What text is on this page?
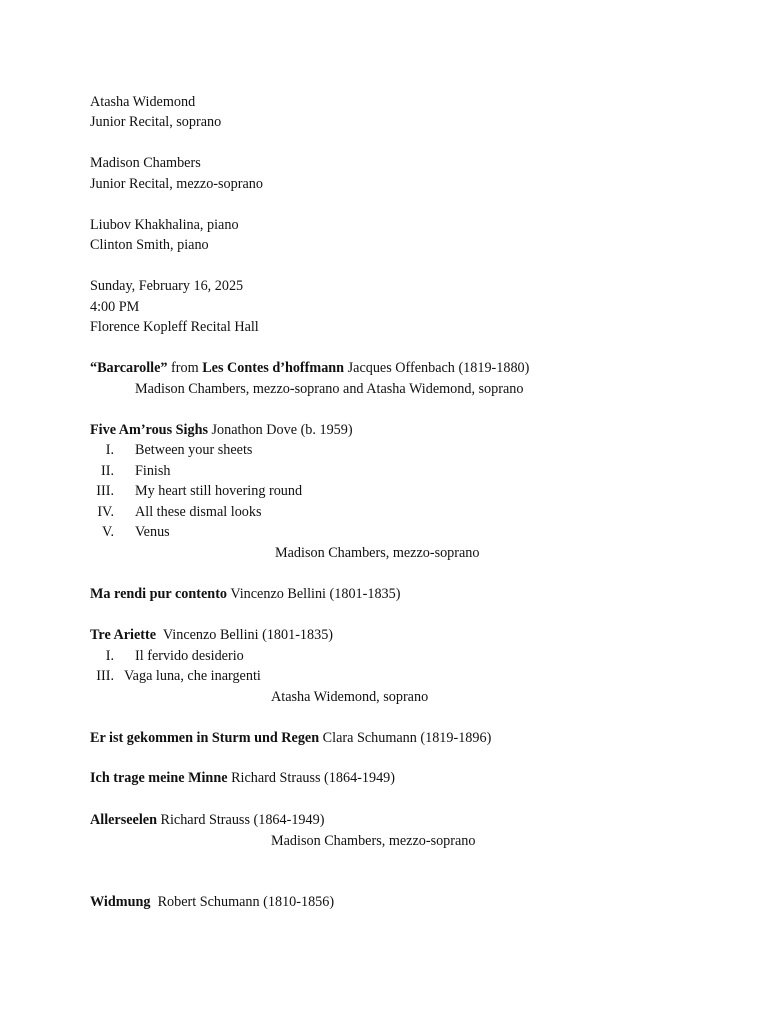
Atasha Widemond
Junior Recital, soprano
Madison Chambers
Junior Recital, mezzo-soprano
Liubov Khakhalina, piano
Clinton Smith, piano
Sunday, February 16, 2025
4:00 PM
Florence Kopleff Recital Hall
“Barcarolle” from Les Contes d’hoffmann Jacques Offenbach (1819-1880)
Madison Chambers, mezzo-soprano and Atasha Widemond, soprano
Five Am’rous Sighs Jonathon Dove (b. 1959)
I. Between your sheets
II. Finish
III. My heart still hovering round
IV. All these dismal looks
V. Venus
Madison Chambers, mezzo-soprano
Ma rendi pur contento Vincenzo Bellini (1801-1835)
Tre Ariette Vincenzo Bellini (1801-1835)
I. Il fervido desiderio
III. Vaga luna, che inargenti
Atasha Widemond, soprano
Er ist gekommen in Sturm und Regen Clara Schumann (1819-1896)
Ich trage meine Minne Richard Strauss (1864-1949)
Allerseelen Richard Strauss (1864-1949)
Madison Chambers, mezzo-soprano
Widmung Robert Schumann (1810-1856)
